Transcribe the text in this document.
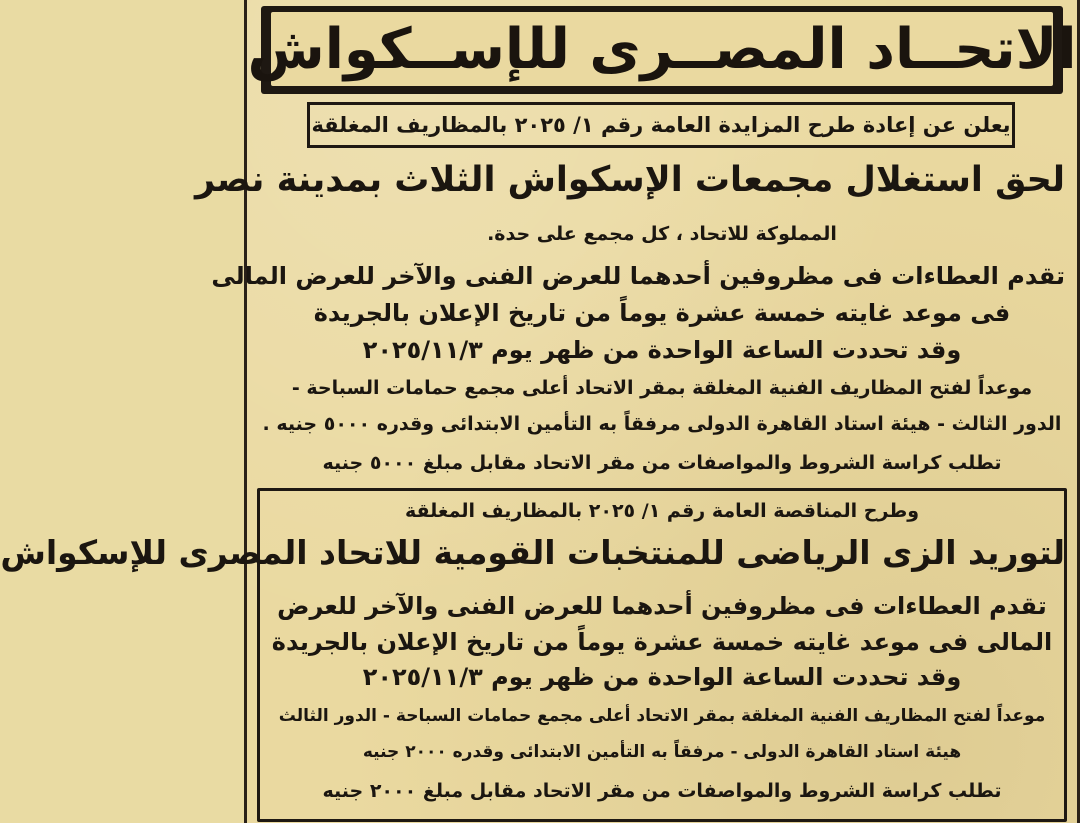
الاتحــاد المصــرى للإســكواش
يعلن عن إعادة طرح المزايدة العامة رقم ١/ ٢٠٢٥ بالمظاريف المغلقة
لحق استغلال مجمعات الإسكواش الثلاث بمدينة نصر
المملوكة للاتحاد ، كل مجمع على حدة.
تقدم العطاءات فى مظروفين أحدهما للعرض الفنى والآخر للعرض المالى
فى موعد غايته خمسة عشرة يوماً من تاريخ الإعلان بالجريدة
وقد تحددت الساعة الواحدة من ظهر يوم ٢٠٢٥/١١/٣
موعداً لفتح المظاريف الفنية المغلقة بمقر الاتحاد أعلى مجمع حمامات السباحة -
الدور الثالث - هيئة استاد القاهرة الدولى مرفقاً به التأمين الابتدائى وقدره ٥٠٠٠ جنيه .
تطلب كراسة الشروط والمواصفات من مقر الاتحاد مقابل مبلغ ٥٠٠٠ جنيه
وطرح المناقصة العامة رقم ١/ ٢٠٢٥ بالمظاريف المغلقة
لتوريد الزى الرياضى للمنتخبات القومية للاتحاد المصرى للإسكواش
تقدم العطاءات فى مظروفين أحدهما للعرض الفنى والآخر للعرض
المالى فى موعد غايته خمسة عشرة يوماً من تاريخ الإعلان بالجريدة
وقد تحددت الساعة الواحدة من ظهر يوم ٢٠٢٥/١١/٣
موعداً لفتح المظاريف الفنية المغلقة بمقر الاتحاد أعلى مجمع حمامات السباحة - الدور الثالث
هيئة استاد القاهرة الدولى - مرفقاً به التأمين الابتدائى وقدره ٢٠٠٠ جنيه
تطلب كراسة الشروط والمواصفات من مقر الاتحاد مقابل مبلغ ٢٠٠٠ جنيه
